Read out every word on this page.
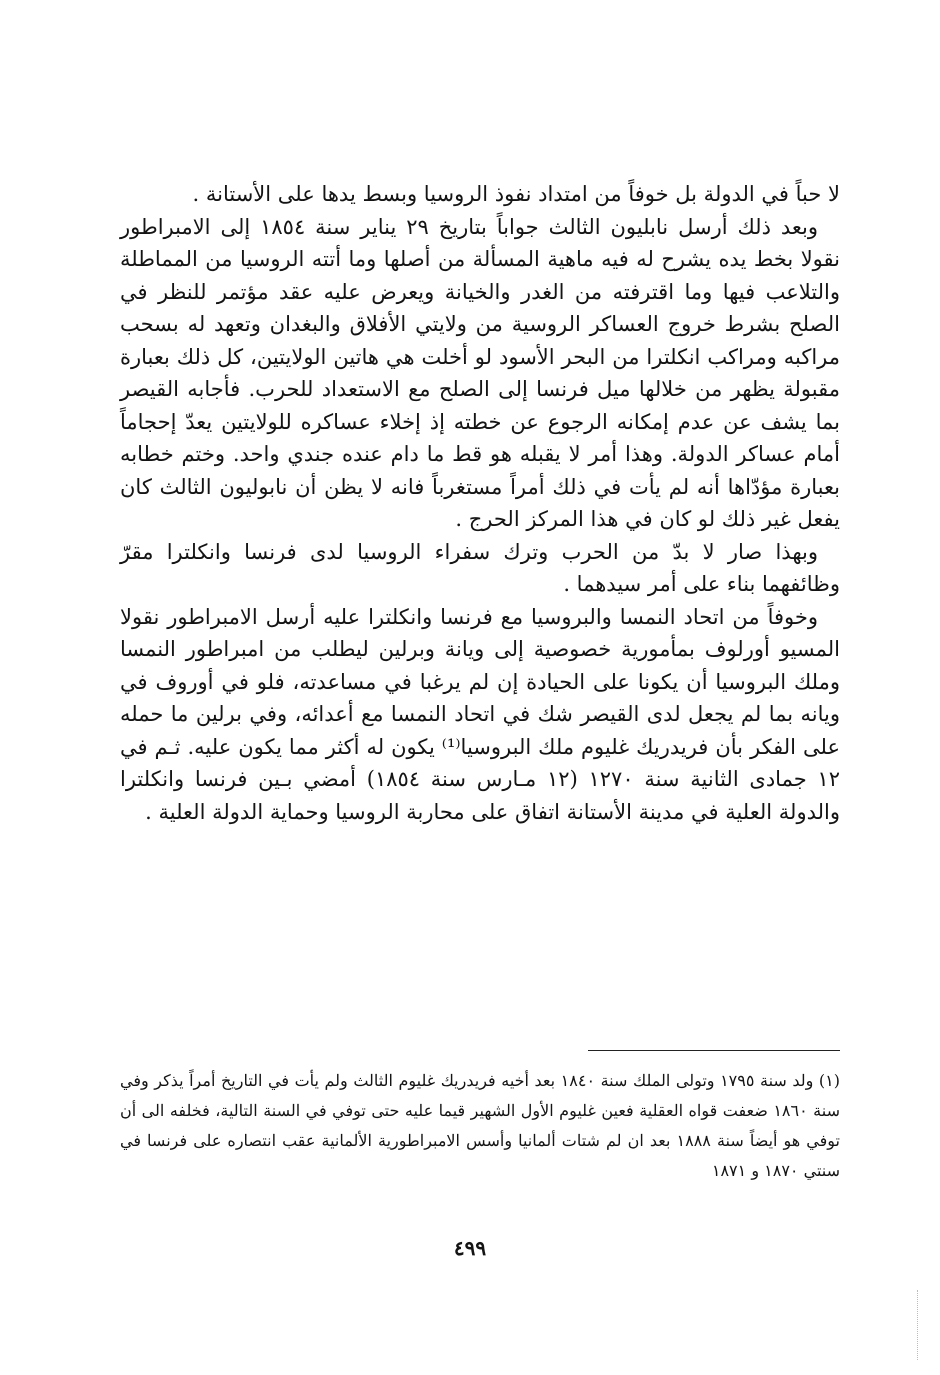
لا حباً في الدولة بل خوفاً من امتداد نفوذ الروسيا وبسط يدها على الأستانة .

وبعد ذلك أرسل نابليون الثالث جواباً بتاريخ ٢٩ يناير سنة ١٨٥٤ إلى الامبراطور نقولا بخط يده يشرح له فيه ماهية المسألة من أصلها وما أتته الروسيا من المماطلة والتلاعب فيها وما اقترفته من الغدر والخيانة ويعرض عليه عقد مؤتمر للنظر في الصلح بشرط خروج العساكر الروسية من ولايتي الأفلاق والبغدان وتعهد له بسحب مراكبه ومراكب انكلترا من البحر الأسود لو أخلت هي هاتين الولايتين، كل ذلك بعبارة مقبولة يظهر من خلالها ميل فرنسا إلى الصلح مع الاستعداد للحرب. فأجابه القيصر بما يشف عن عدم إمكانه الرجوع عن خطته إذ إخلاء عساكره للولايتين يعدّ إحجاماً أمام عساكر الدولة. وهذا أمر لا يقبله هو قط ما دام عنده جندي واحد. وختم خطابه بعبارة مؤدّاها أنه لم يأت في ذلك أمراً مستغرباً فانه لا يظن أن نابوليون الثالث كان يفعل غير ذلك لو كان في هذا المركز الحرج .

وبهذا صار لا بدّ من الحرب وترك سفراء الروسيا لدى فرنسا وانكلترا مقرّ وظائفهما بناء على أمر سيدهما .

وخوفاً من اتحاد النمسا والبروسيا مع فرنسا وانكلترا عليه أرسل الامبراطور نقولا المسيو أورلوف بمأمورية خصوصية إلى ويانة وبرلين ليطلب من امبراطور النمسا وملك البروسيا أن يكونا على الحيادة إن لم يرغبا في مساعدته، فلو في أوروف في ويانه بما لم يجعل لدى القيصر شك في اتحاد النمسا مع أعدائه، وفي برلين ما حمله على الفكر بأن فريدريك غليوم ملك البروسيا⁽¹⁾ يكون له أكثر مما يكون عليه. ثـم في ١٢ جمادى الثانية سنة ١٢٧٠ (١٢ مـارس سنة ١٨٥٤) أمضي بـين فرنسا وانكلترا والدولة العلية في مدينة الأستانة اتفاق على محاربة الروسيا وحماية الدولة العلية .

(١) ولد سنة ١٧٩٥ وتولى الملك سنة ١٨٤٠ بعد أخيه فريدريك غليوم الثالث ولم يأت في التاريخ أمراً يذكر وفي سنة ١٨٦٠ ضعفت قواه العقلية فعين غليوم الأول الشهير قيما عليه حتى توفي في السنة التالية، فخلفه الى أن توفي هو أيضاً سنة ١٨٨٨ بعد ان لم شتات ألمانيا وأسس الامبراطورية الألمانية عقب انتصاره على فرنسا في سنتي ١٨٧٠ و ١٨٧١

٤٩٩
